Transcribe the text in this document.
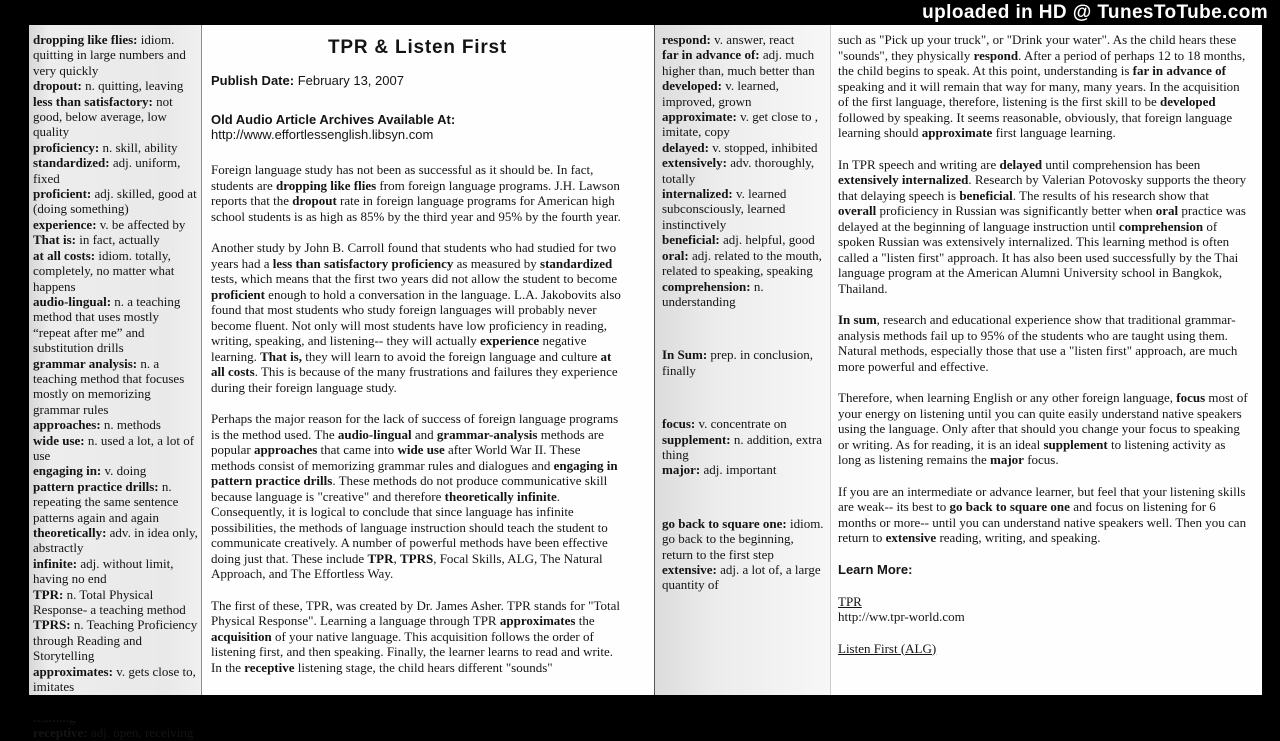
dropping like flies: idiom. quitting in large numbers and very quickly
dropout: n. quitting, leaving
less than satisfactory: not good, below average, low quality
proficiency: n. skill, ability
standardized: adj. uniform, fixed
proficient: adj. skilled, good at (doing something)
experience: v. be affected by
That is: in fact, actually
at all costs: idiom. totally, completely, no matter what happens
audio-lingual: n. a teaching method that uses mostly “repeat after me” and substitution drills
grammar analysis: n. a teaching method that focuses mostly on memorizing grammar rules
approaches: n. methods
wide use: n. used a lot, a lot of use
engaging in: v. doing
pattern practice drills: n. repeating the same sentence patterns again and again
theoretically: adv. in idea only, abstractly
infinite: adj. without limit, having no end
TPR: n. Total Physical Response- a teaching method
TPRS: n. Teaching Proficiency through Reading and Storytelling
approximates: v. gets close to, imitates
receptive: adj. open, receiving
TPR & Listen First
Publish Date: February 13, 2007
Old Audio Article Archives Available At:
http://www.effortlessenglish.libsyn.com

Foreign language study has not been as successful as it should be. In fact, students are dropping like flies from foreign language programs. J.H. Lawson reports that the dropout rate in foreign language programs for American high school students is as high as 85% by the third year and 95% by the fourth year.

Another study by John B. Carroll found that students who had studied for two years had a less than satisfactory proficiency as measured by standardized tests, which means that the first two years did not allow the student to become proficient enough to hold a conversation in the language. L.A. Jakobovits also found that most students who study foreign languages will probably never become fluent. Not only will most students have low proficiency in reading, writing, speaking, and listening-- they will actually experience negative learning. That is, they will learn to avoid the foreign language and culture at all costs. This is because of the many frustrations and failures they experience during their foreign language study.

Perhaps the major reason for the lack of success of foreign language programs is the method used. The audio-lingual and grammar-analysis methods are popular approaches that came into wide use after World War II. These methods consist of memorizing grammar rules and dialogues and engaging in pattern practice drills. These methods do not produce communicative skill because language is "creative" and therefore theoretically infinite. Consequently, it is logical to conclude that since language has infinite possibilities, the methods of language instruction should teach the student to communicate creatively. A number of powerful methods have been effective doing just that. These include TPR, TPRS, Focal Skills, ALG, The Natural Approach, and The Effortless Way.

The first of these, TPR, was created by Dr. James Asher. TPR stands for "Total Physical Response". Learning a language through TPR approximates the acquisition of your native language. This acquisition follows the order of listening first, and then speaking. Finally, the learner learns to read and write. In the receptive listening stage, the child hears different "sounds"

respond: v. answer, react
far in advance of: adj. much higher than, much better than
developed: v. learned, improved, grown
approximate: v. get close to , imitate, copy
delayed: v. stopped, inhibited
extensively: adv. thoroughly, totally
internalized: v. learned subconsciously, learned instinctively
beneficial: adj. helpful, good
oral: adj. related to the mouth, related to speaking, speaking
comprehension: n. understanding
In Sum: prep. in conclusion, finally
focus: v. concentrate on
supplement: n. addition, extra thing
major: adj. important
go back to square one: idiom. go back to the beginning, return to the first step
extensive: adj. a lot of, a large quantity of

such as "Pick up your truck", or "Drink your water". As the child hears these "sounds", they physically respond. After a period of perhaps 12 to 18 months, the child begins to speak. At this point, understanding is far in advance of speaking and it will remain that way for many, many years. In the acquisition of the first language, therefore, listening is the first skill to be developed followed by speaking. It seems reasonable, obviously, that foreign language learning should approximate first language learning.

In TPR speech and writing are delayed until comprehension has been extensively internalized. Research by Valerian Potovosky supports the theory that delaying speech is beneficial. The results of his research show that overall proficiency in Russian was significantly better when oral practice was delayed at the beginning of language instruction until comprehension of spoken Russian was extensively internalized. This learning method is often called a "listen first" approach. It has also been used successfully by the Thai language program at the American Alumni University school in Bangkok, Thailand.

In sum, research and educational experience show that traditional grammar-analysis methods fail up to 95% of the students who are taught using them. Natural methods, especially those that use a "listen first" approach, are much more powerful and effective.

Therefore, when learning English or any other foreign language, focus most of your energy on listening until you can quite easily understand native speakers using the language. Only after that should you change your focus to speaking or writing. As for reading, it is an ideal supplement to listening activity as long as listening remains the major focus.

If you are an intermediate or advance learner, but feel that your listening skills are weak-- its best to go back to square one and focus on listening for 6 months or more-- until you can understand native speakers well. Then you can return to extensive reading, writing, and speaking.

Learn More:
TPR
http://ww.tpr-world.com
Listen First (ALG)
uploaded in HD @ TunesToTube.com
